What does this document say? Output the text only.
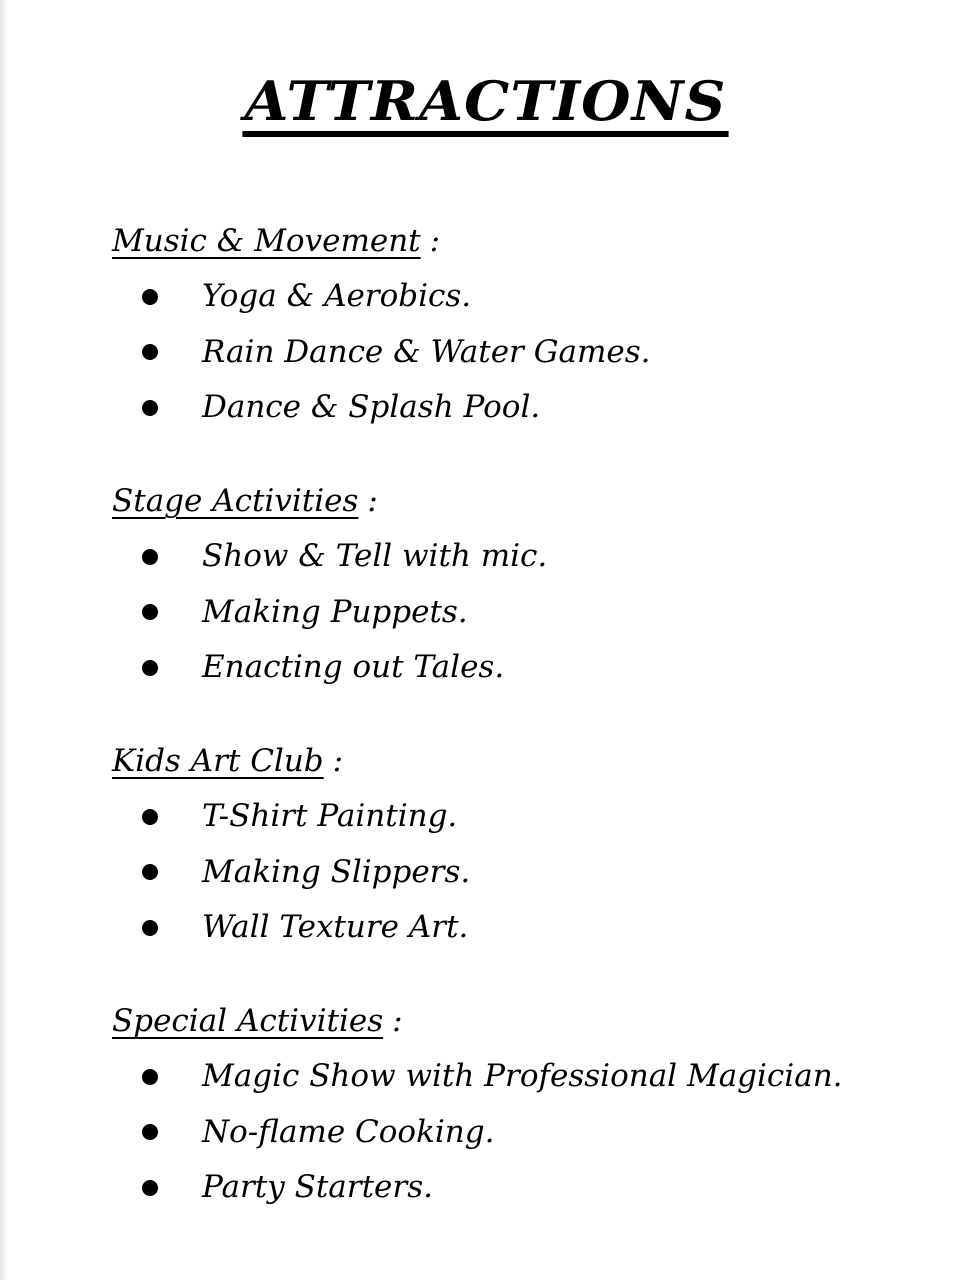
ATTRACTIONS
Music & Movement :
Yoga & Aerobics.
Rain Dance & Water Games.
Dance & Splash Pool.
Stage Activities :
Show & Tell with mic.
Making Puppets.
Enacting out Tales.
Kids Art Club :
T-Shirt Painting.
Making Slippers.
Wall Texture Art.
Special Activities :
Magic Show with Professional Magician.
No-flame Cooking.
Party Starters.
